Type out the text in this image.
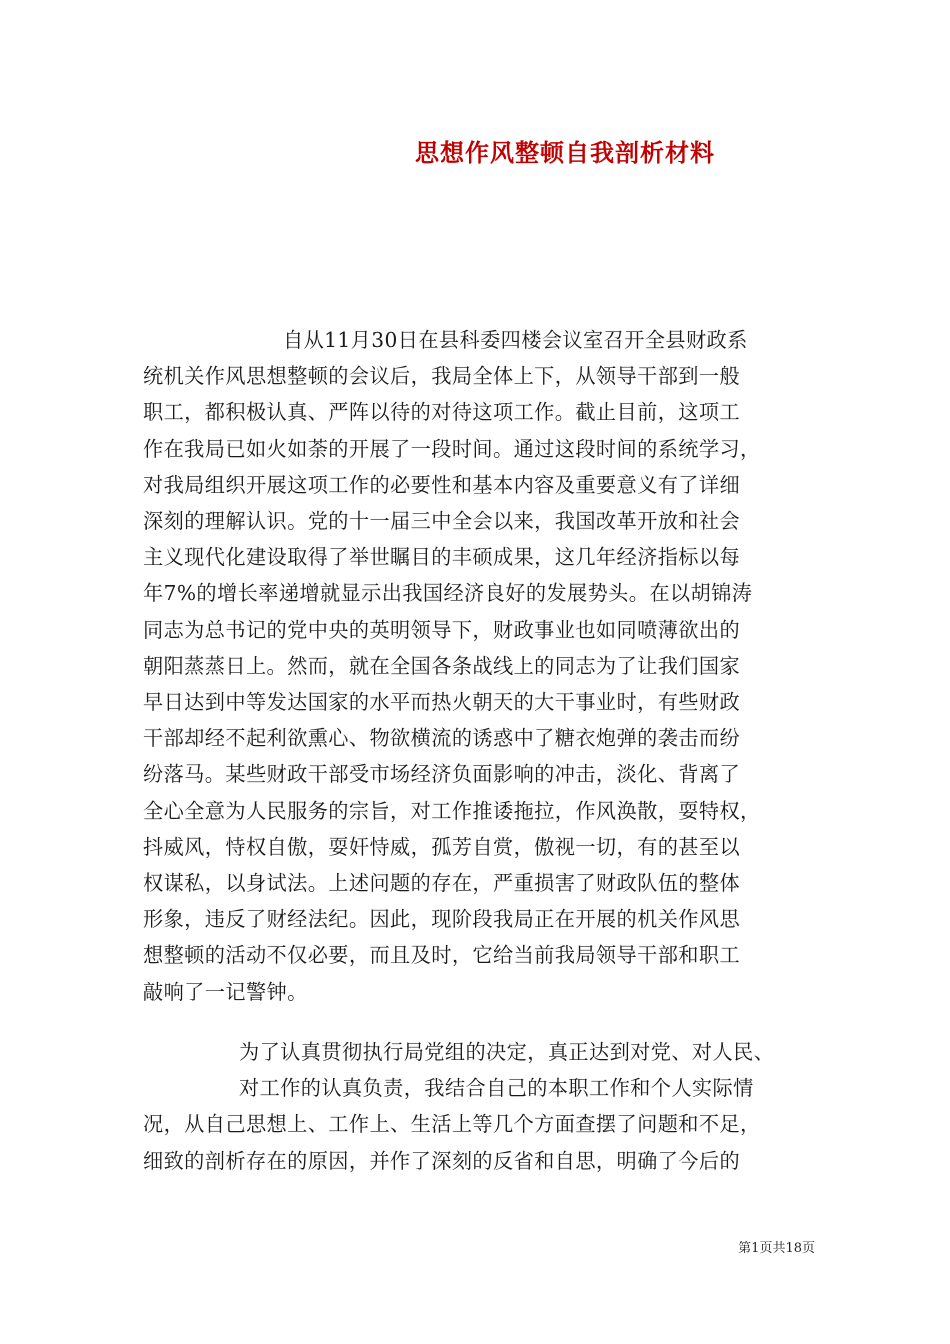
思想作风整顿自我剖析材料
自从11月30日在县科委四楼会议室召开全县财政系
统机关作风思想整顿的会议后，我局全体上下，从领导干部到一般
职工，都积极认真、严阵以待的对待这项工作。截止目前，这项工
作在我局已如火如荼的开展了一段时间。通过这段时间的系统学习，
对我局组织开展这项工作的必要性和基本内容及重要意义有了详细
深刻的理解认识。党的十一届三中全会以来，我国改革开放和社会
主义现代化建设取得了举世瞩目的丰硕成果，这几年经济指标以每
年7%的增长率递增就显示出我国经济良好的发展势头。在以胡锦涛
同志为总书记的党中央的英明领导下，财政事业也如同喷薄欲出的
朝阳蒸蒸日上。然而，就在全国各条战线上的同志为了让我们国家
早日达到中等发达国家的水平而热火朝天的大干事业时，有些财政
干部却经不起利欲熏心、物欲横流的诱惑中了糖衣炮弹的袭击而纷
纷落马。某些财政干部受市场经济负面影响的冲击，淡化、背离了
全心全意为人民服务的宗旨，对工作推诿拖拉，作风涣散，耍特权，
抖威风，恃权自傲，耍奸恃威，孤芳自赏，傲视一切，有的甚至以
权谋私，以身试法。上述问题的存在，严重损害了财政队伍的整体
形象，违反了财经法纪。因此，现阶段我局正在开展的机关作风思
想整顿的活动不仅必要，而且及时，它给当前我局领导干部和职工
敲响了一记警钟。
为了认真贯彻执行局党组的决定，真正达到对党、对人民、
对工作的认真负责，我结合自己的本职工作和个人实际情
况，从自己思想上、工作上、生活上等几个方面查摆了问题和不足，
细致的剖析存在的原因，并作了深刻的反省和自思，明确了今后的
第1页共18页
